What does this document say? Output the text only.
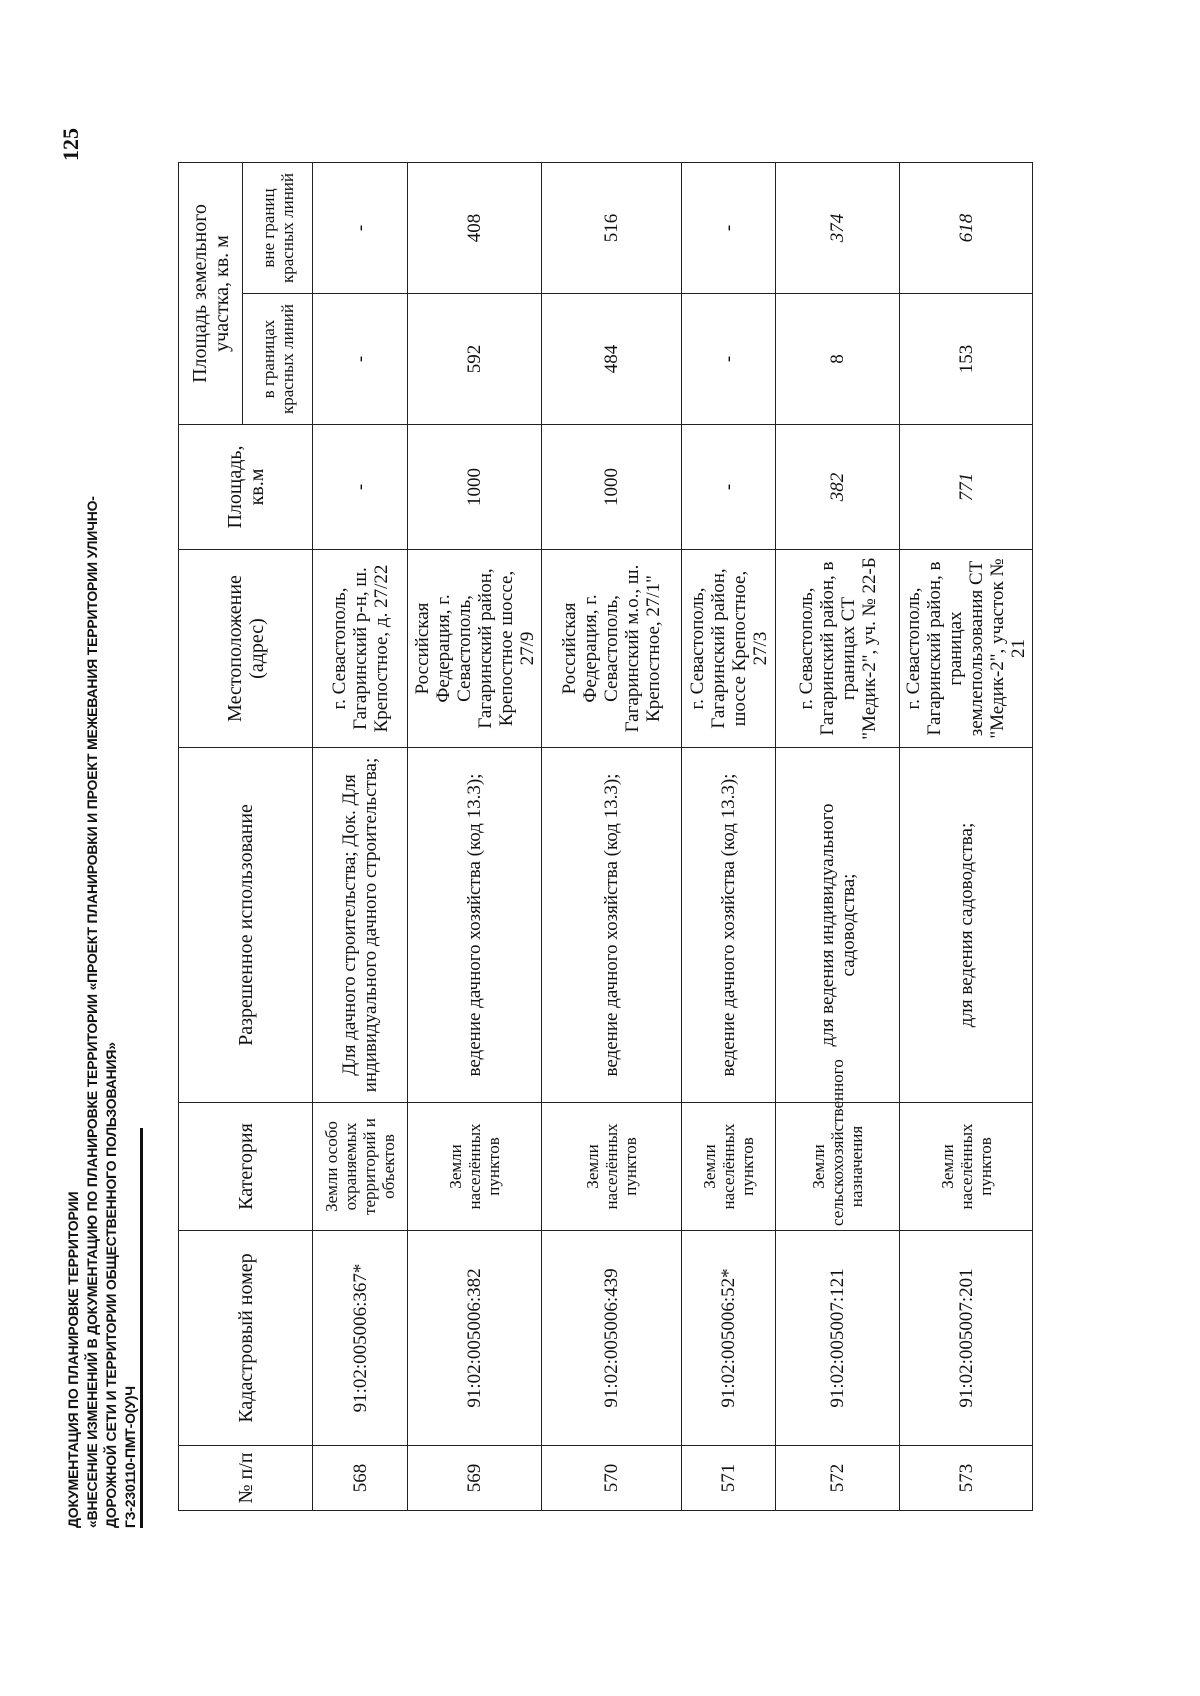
ДОКУМЕНТАЦИЯ ПО ПЛАНИРОВКЕ ТЕРРИТОРИИ «ВНЕСЕНИЕ ИЗМЕНЕНИЙ В ДОКУМЕНТАЦИЮ ПО ПЛАНИРОВКЕ ТЕРРИТОРИИ «ПРОЕКТ ПЛАНИРОВКИ И ПРОЕКТ МЕЖЕВАНИЯ ТЕРРИТОРИИ УЛИЧНО- ДОРОЖНОЙ СЕТИ И ТЕРРИТОРИИ ОБЩЕСТВЕННОГО ПОЛЬЗОВАНИЯ» ГЗ-230110-ПМТ-О(У)Ч
125
№ п/п	Кадастровый номер	Категория	Разрешенное использование	Местоположение (адрес)	Площадь, кв.м	Площадь земельного участка, кв. м	
						в границах красных линий	вне границ красных линий
568	91:02:005006:367*	Земли особо охраняемых территорий и объектов	Для дачного строительства; Док. Для индивидуального дачного строительства;	г. Севастополь, Гагаринский р-н, ш. Крепостное, д. 27/22	-	-	-
569	91:02:005006:382	Земли населённых пунктов	ведение дачного хозяйства (код 13.3);	Российская Федерация, г. Севастополь, Гагаринский район, Крепостное шоссе, 27/9	1000	592	408
570	91:02:005006:439	Земли населённых пунктов	ведение дачного хозяйства (код 13.3);	Российская Федерация, г. Севастополь, Гагаринский м.о., ш. Крепостное, 27/1"	1000	484	516
571	91:02:005006:52*	Земли населённых пунктов	ведение дачного хозяйства (код 13.3);	г. Севастополь, Гагаринский район, шоссе Крепостное, 27/3	-	-	-
572	91:02:005007:121	Земли сельскохозяйственного назначения	для ведения индивидуального садоводства;	г. Севастополь, Гагаринский район, в границах СТ "Медик-2", уч. № 22-Б	382	8	374
573	91:02:005007:201	Земли населённых пунктов	для ведения садоводства;	г. Севастополь, Гагаринский район, в границах землепользования СТ "Медик-2", участок № 21	771	153	618
